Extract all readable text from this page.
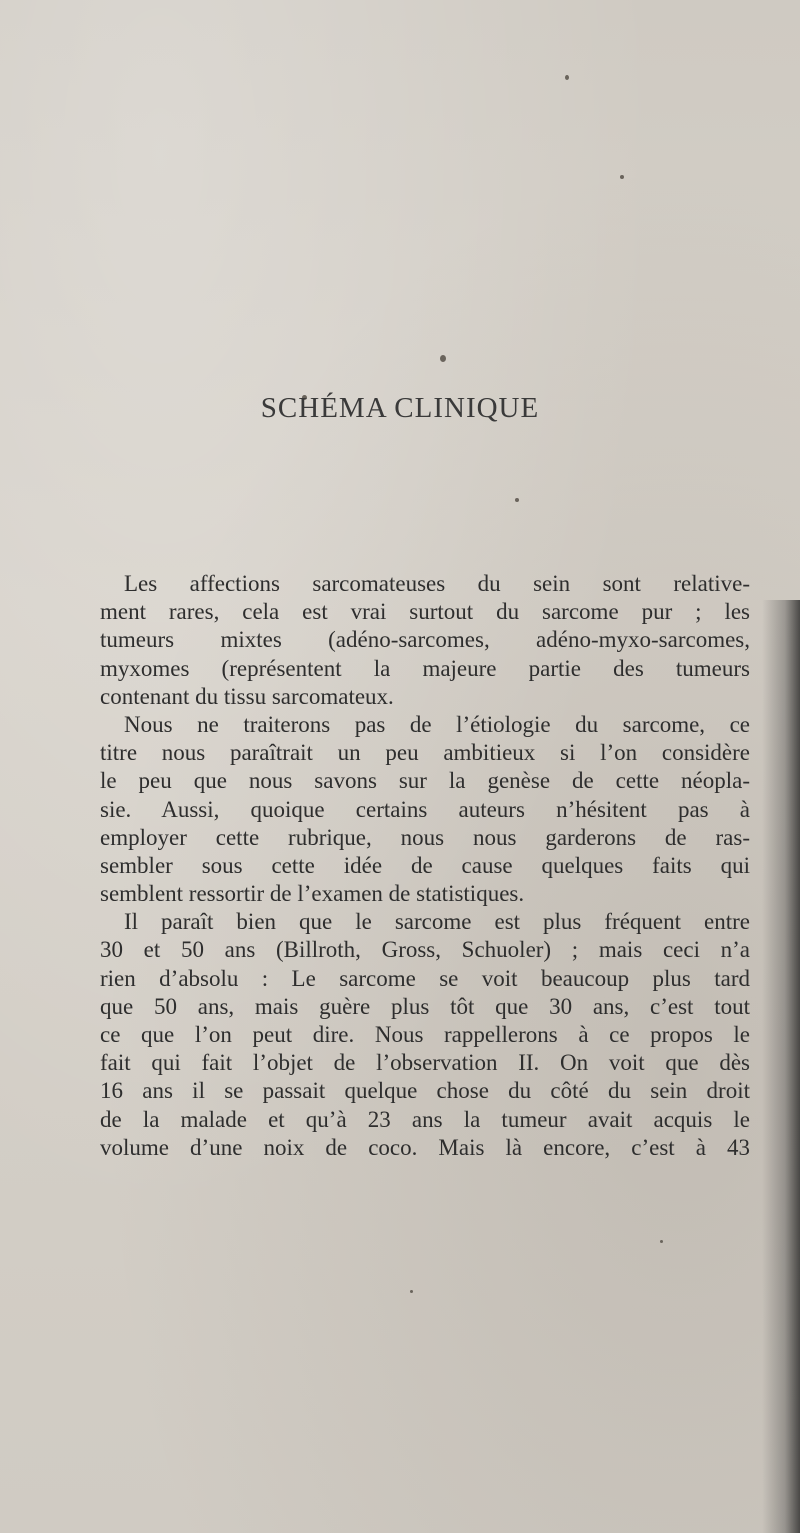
SCHÉMA CLINIQUE
Les affections sarcomateuses du sein sont relative-
ment rares, cela est vrai surtout du sarcome pur ; les
tumeurs mixtes (adéno-sarcomes, adéno-myxo-sarcomes,
myxomes (représentent la majeure partie des tumeurs
contenant du tissu sarcomateux.
Nous ne traiterons pas de l’étiologie du sarcome, ce
titre nous paraîtrait un peu ambitieux si l’on considère
le peu que nous savons sur la genèse de cette néopla-
sie. Aussi, quoique certains auteurs n’hésitent pas à
employer cette rubrique, nous nous garderons de ras-
sembler sous cette idée de cause quelques faits qui
semblent ressortir de l’examen de statistiques.
Il paraît bien que le sarcome est plus fréquent entre
30 et 50 ans (Billroth, Gross, Schuoler) ; mais ceci n’a
rien d’absolu : Le sarcome se voit beaucoup plus tard
que 50 ans, mais guère plus tôt que 30 ans, c’est tout
ce que l’on peut dire. Nous rappellerons à ce propos le
fait qui fait l’objet de l’observation II. On voit que dès
16 ans il se passait quelque chose du côté du sein droit
de la malade et qu’à 23 ans la tumeur avait acquis le
volume d’une noix de coco. Mais là encore, c’est à 43
